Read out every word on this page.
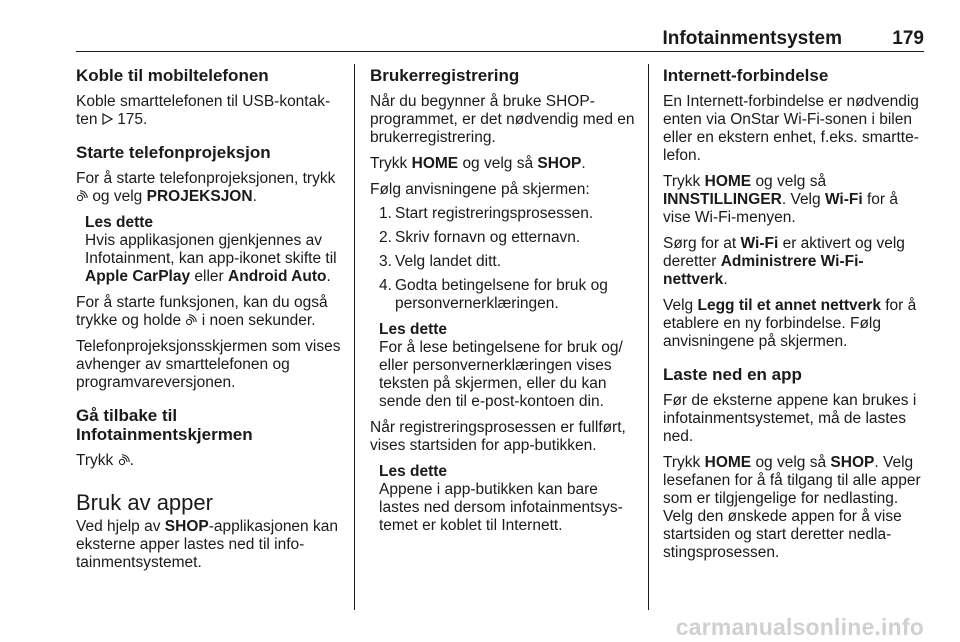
Infotainmentsystem	179
Koble til mobiltelefonen

Koble smarttelefonen til USB-kontak-ten 175.

Starte telefonprojeksjon

For å starte telefonprojeksjonen, trykk  og velg PROJEKSJON.

Les dette
Hvis applikasjonen gjenkjennes av Infotainment, kan app-ikonet skifte til Apple CarPlay eller Android Auto.

For å starte funksjonen, kan du også trykke og holde i noen sekunder.

Telefonprojeksjonsskjermen som vises avhenger av smarttelefonen og programvareversjonen.

Gå tilbake til Infotainmentskjermen

Trykk .

Bruk av apper

Ved hjelp av SHOP-applikasjonen kan eksterne apper lastes ned til info-tainmentsystemet.

Brukerregistrering

Når du begynner å bruke SHOP-programmet, er det nødvendig med en brukerregistrering.

Trykk HOME og velg så SHOP.

Følg anvisningene på skjermen:

1. Start registreringsprosessen.
2. Skriv fornavn og etternavn.
3. Velg landet ditt.
4. Godta betingelsene for bruk og personvernerklæringen.
Les dette
For å lese betingelsene for bruk og/ eller personvernerklæringen vises teksten på skjermen, eller du kan sende den til e-post-kontoen din.

Når registreringsprosessen er fullført, vises startsiden for app-butikken.

Les dette
Appene i app-butikken kan bare lastes ned dersom infotainmentsys-temet er koblet til Internett.
Internett-forbindelse

En Internett-forbindelse er nødvendig enten via OnStar Wi-Fi-sonen i bilen eller en ekstern enhet, f.eks. smartte-lefon.

Trykk HOME og velg så INNSTILLINGER. Velg Wi-Fi for å vise Wi-Fi-menyen.

Sørg for at Wi-Fi er aktivert og velg deretter Administrere Wi-Fi-nettverk.

Velg Legg til et annet nettverk for å etablere en ny forbindelse. Følg anvisningene på skjermen.

Laste ned en app

Før de eksterne appene kan brukes i infotainmentsystemet, må de lastes ned.

Trykk HOME og velg så SHOP. Velg lesefanen for å få tilgang til alle apper som er tilgjengelige for nedlasting. Velg den ønskede appen for å vise startsiden og start deretter nedla-stingsprosessen.

carmanualsonline.info
